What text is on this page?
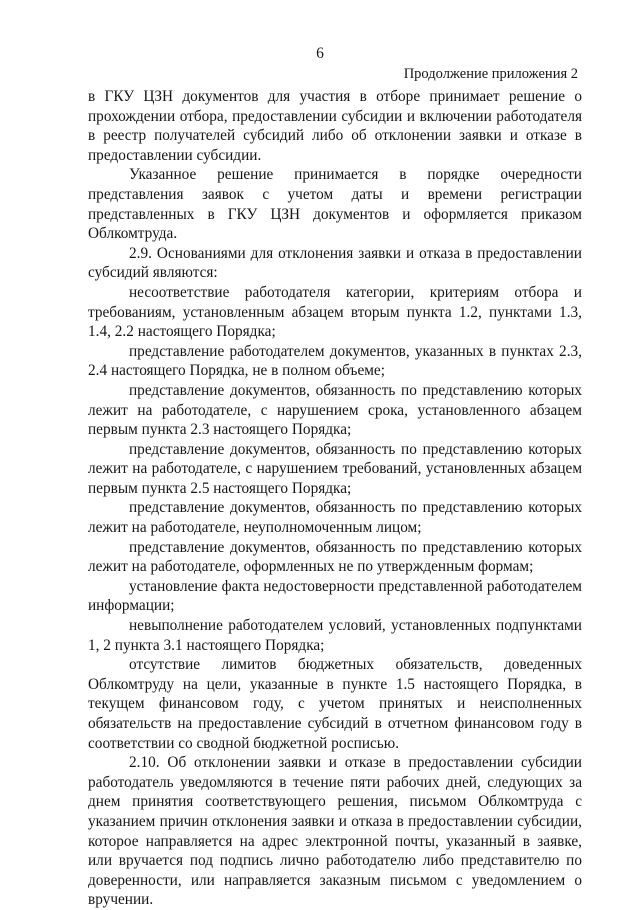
6
Продолжение приложения 2

в ГКУ ЦЗН документов для участия в отборе принимает решение о прохождении отбора, предоставлении субсидии и включении работодателя в реестр получателей субсидий либо об отклонении заявки и отказе в предоставлении субсидии.

Указанное решение принимается в порядке очередности представления заявок с учетом даты и времени регистрации представленных в ГКУ ЦЗН документов и оформляется приказом Облкомтруда.

2.9. Основаниями для отклонения заявки и отказа в предоставлении субсидий являются:

несоответствие работодателя категории, критериям отбора и требованиям, установленным абзацем вторым пункта 1.2, пунктами 1.3, 1.4, 2.2 настоящего Порядка;

представление работодателем документов, указанных в пунктах 2.3, 2.4 настоящего Порядка, не в полном объеме;

представление документов, обязанность по представлению которых лежит на работодателе, с нарушением срока, установленного абзацем первым пункта 2.3 настоящего Порядка;

представление документов, обязанность по представлению которых лежит на работодателе, с нарушением требований, установленных абзацем первым пункта 2.5 настоящего Порядка;

представление документов, обязанность по представлению которых лежит на работодателе, неуполномоченным лицом;

представление документов, обязанность по представлению которых лежит на работодателе, оформленных не по утвержденным формам;

установление факта недостоверности представленной работодателем информации;

невыполнение работодателем условий, установленных подпунктами 1, 2 пункта 3.1 настоящего Порядка;

отсутствие лимитов бюджетных обязательств, доведенных Облкомтруду на цели, указанные в пункте 1.5 настоящего Порядка, в текущем финансовом году, с учетом принятых и неисполненных обязательств на предоставление субсидий в отчетном финансовом году в соответствии со сводной бюджетной росписью.

2.10. Об отклонении заявки и отказе в предоставлении субсидии работодатель уведомляются в течение пяти рабочих дней, следующих за днем принятия соответствующего решения, письмом Облкомтруда с указанием причин отклонения заявки и отказа в предоставлении субсидии, которое направляется на адрес электронной почты, указанный в заявке, или вручается под подпись лично работодателю либо представителю по доверенности, или направляется заказным письмом с уведомлением о вручении.
